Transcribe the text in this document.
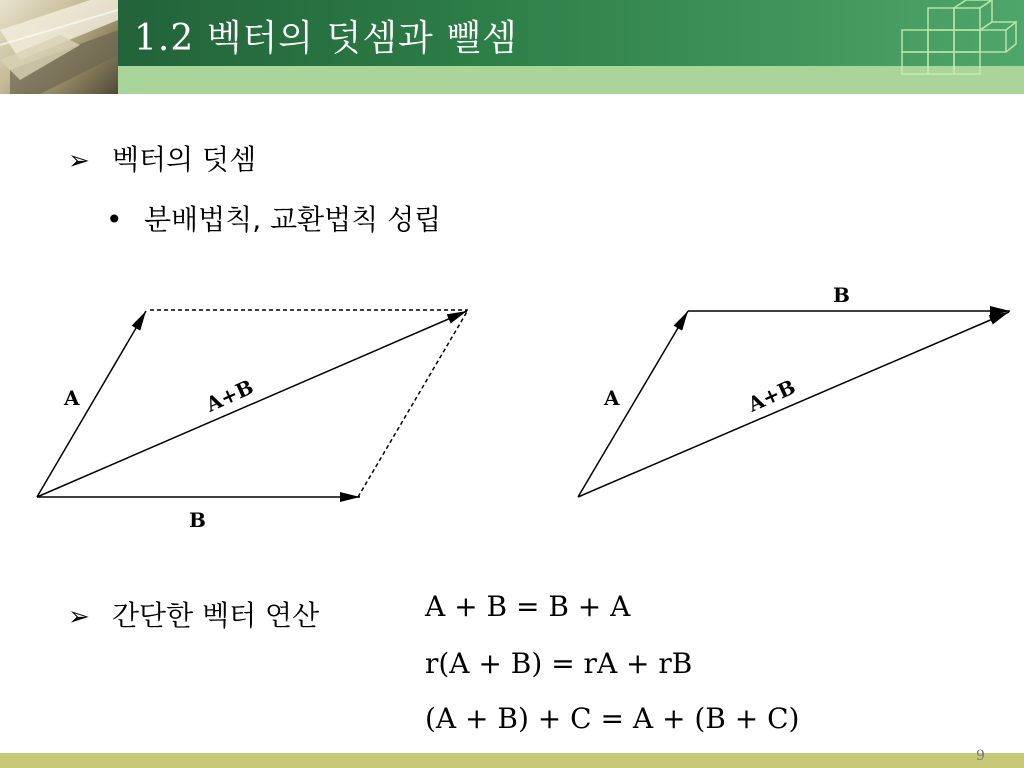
1.2 벡터의 덧셈과 뺄셈
➢ 벡터의 덧셈
• 분배법칙, 교환법칙 성립
A
B
A+B	A
B
A+B
➢ 간단한 벡터 연산	A + B = B + A
r(A + B) = rA + rB
(A + B) + C = A + (B + C)
9
